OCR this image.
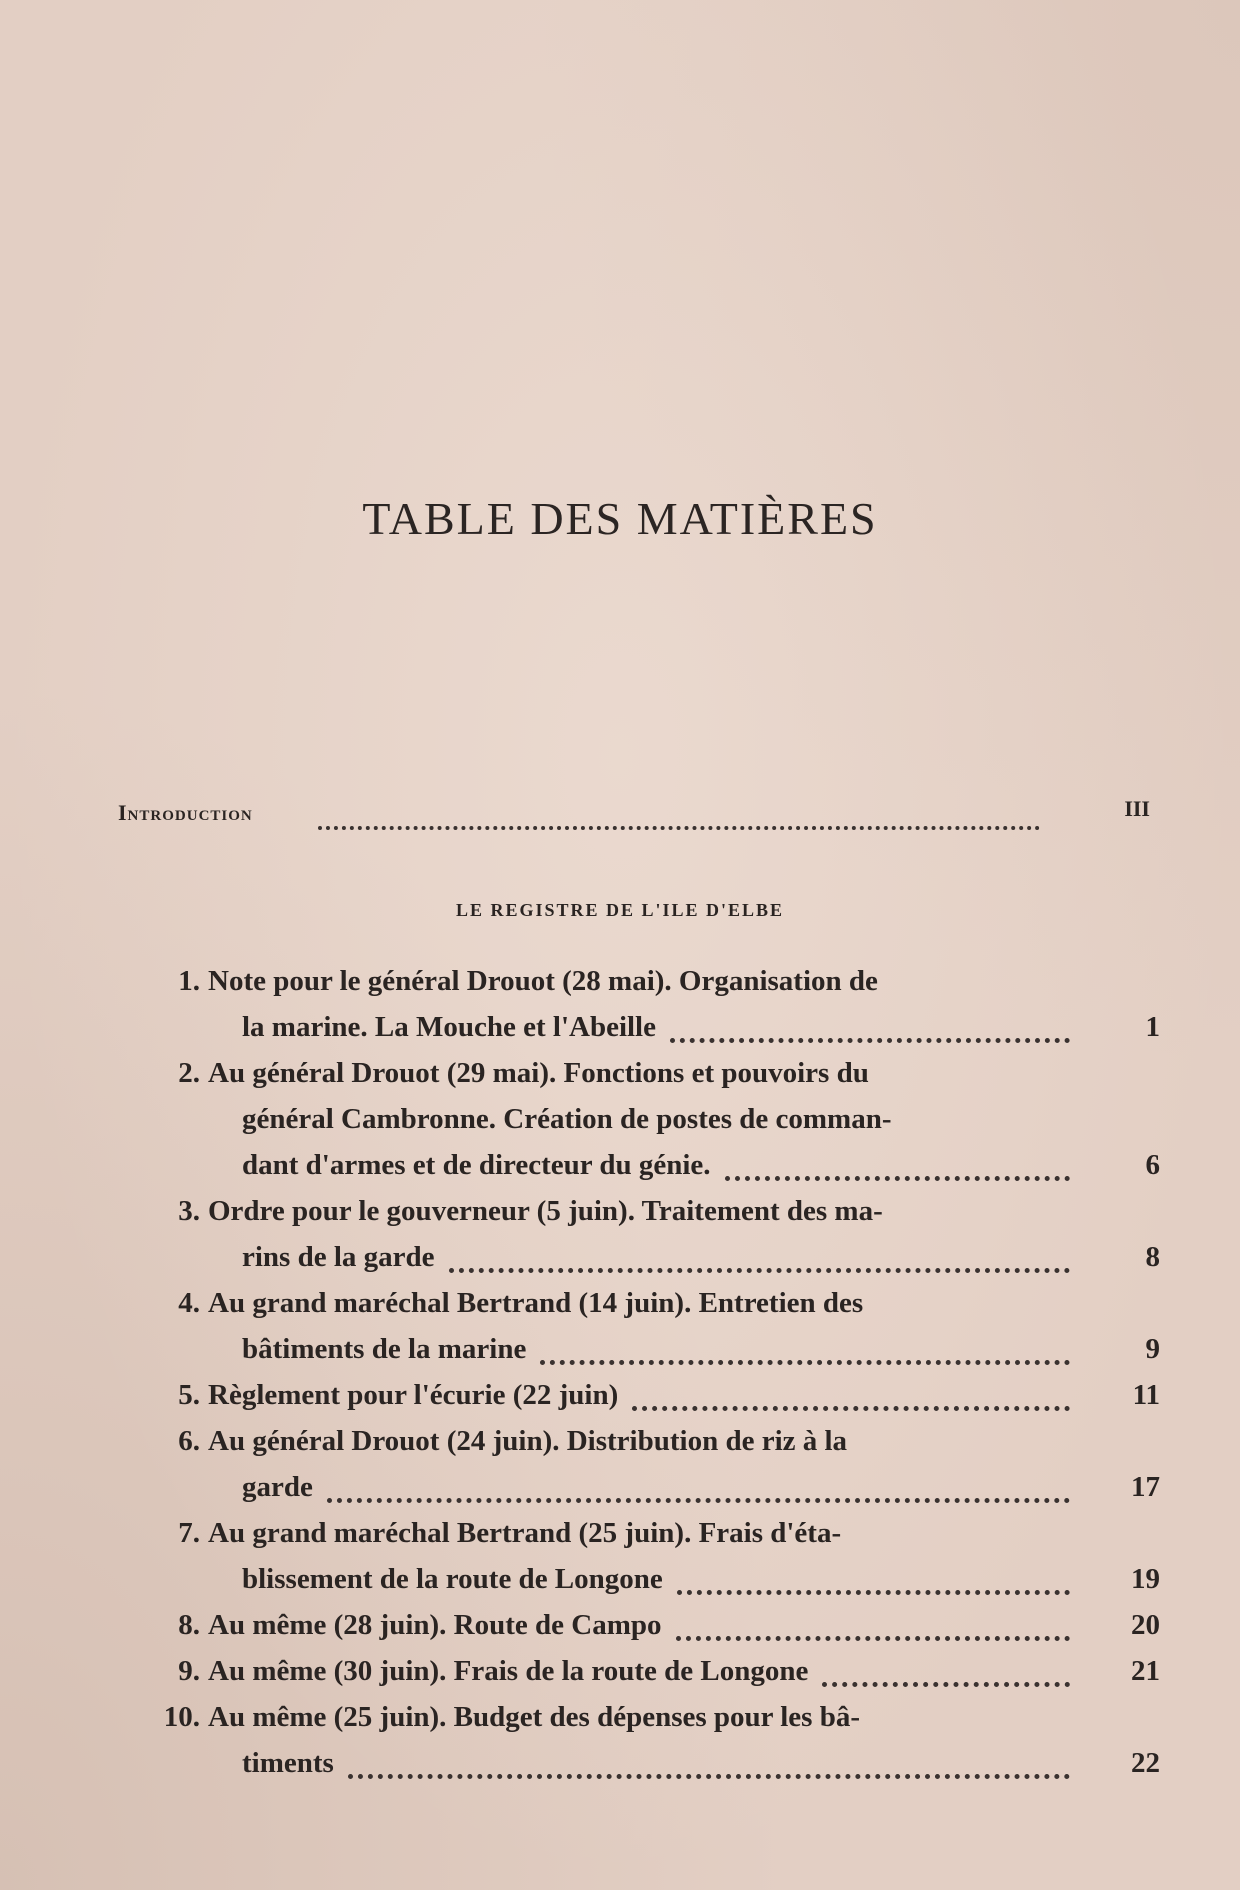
TABLE DES MATIÈRES
Introduction	III
LE REGISTRE DE L'ILE D'ELBE
1. Note pour le général Drouot (28 mai). Organisation de
la marine. La Mouche et l'Abeille	1
2. Au général Drouot (29 mai). Fonctions et pouvoirs du
général Cambronne. Création de postes de comman-
dant d'armes et de directeur du génie.	6
3. Ordre pour le gouverneur (5 juin). Traitement des ma-
rins de la garde	8
4. Au grand maréchal Bertrand (14 juin). Entretien des
bâtiments de la marine	9
5. Règlement pour l'écurie (22 juin)	11
6. Au général Drouot (24 juin). Distribution de riz à la
garde	17
7. Au grand maréchal Bertrand (25 juin). Frais d'éta-
blissement de la route de Longone	19
8. Au même (28 juin). Route de Campo	20
9. Au même (30 juin). Frais de la route de Longone	21
10. Au même (25 juin). Budget des dépenses pour les bâ-
timents	22
